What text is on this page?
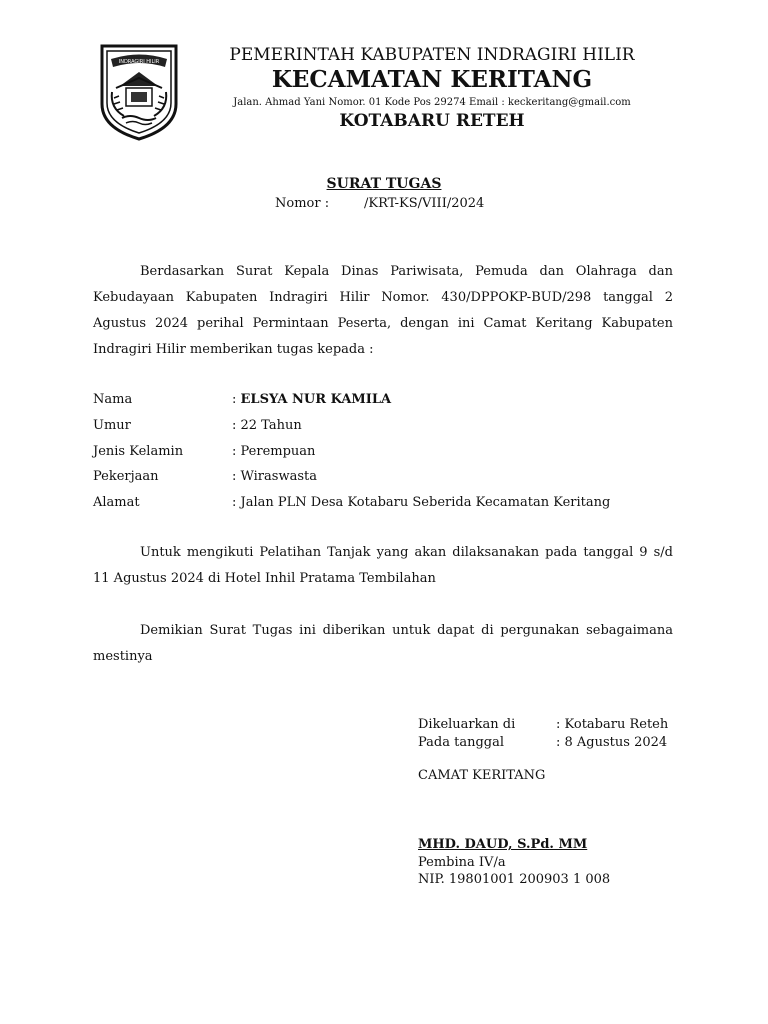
INDRAGIRI HILIR	PEMERINTAH KABUPATEN INDRAGIRI HILIR
KECAMATAN KERITANG
Jalan. Ahmad Yani Nomor. 01 Kode Pos 29274 Email : keckeritang@gmail.com
KOTABARU RETEH
SURAT TUGAS
Nomor :	/KRT-KS/VIII/2024
Berdasarkan Surat Kepala Dinas Pariwisata, Pemuda dan Olahraga dan Kebudayaan Kabupaten Indragiri Hilir Nomor. 430/DPPOKP-BUD/298 tanggal 2 Agustus 2024 perihal Permintaan Peserta, dengan ini Camat Keritang Kabupaten Indragiri Hilir memberikan tugas kepada :
Nama	: ELSYA NUR KAMILA
Umur	: 22 Tahun
Jenis Kelamin	: Perempuan
Pekerjaan	: Wiraswasta
Alamat	: Jalan PLN Desa Kotabaru Seberida Kecamatan Keritang
Untuk mengikuti Pelatihan Tanjak yang akan dilaksanakan pada tanggal 9 s/d 11 Agustus 2024 di Hotel Inhil Pratama Tembilahan
Demikian Surat Tugas ini diberikan untuk dapat di pergunakan sebagaimana mestinya
Dikeluarkan di	: Kotabaru Reteh
Pada tanggal	: 8 Agustus 2024
CAMAT KERITANG
MHD. DAUD, S.Pd. MM
Pembina IV/a
NIP. 19801001 200903 1 008
